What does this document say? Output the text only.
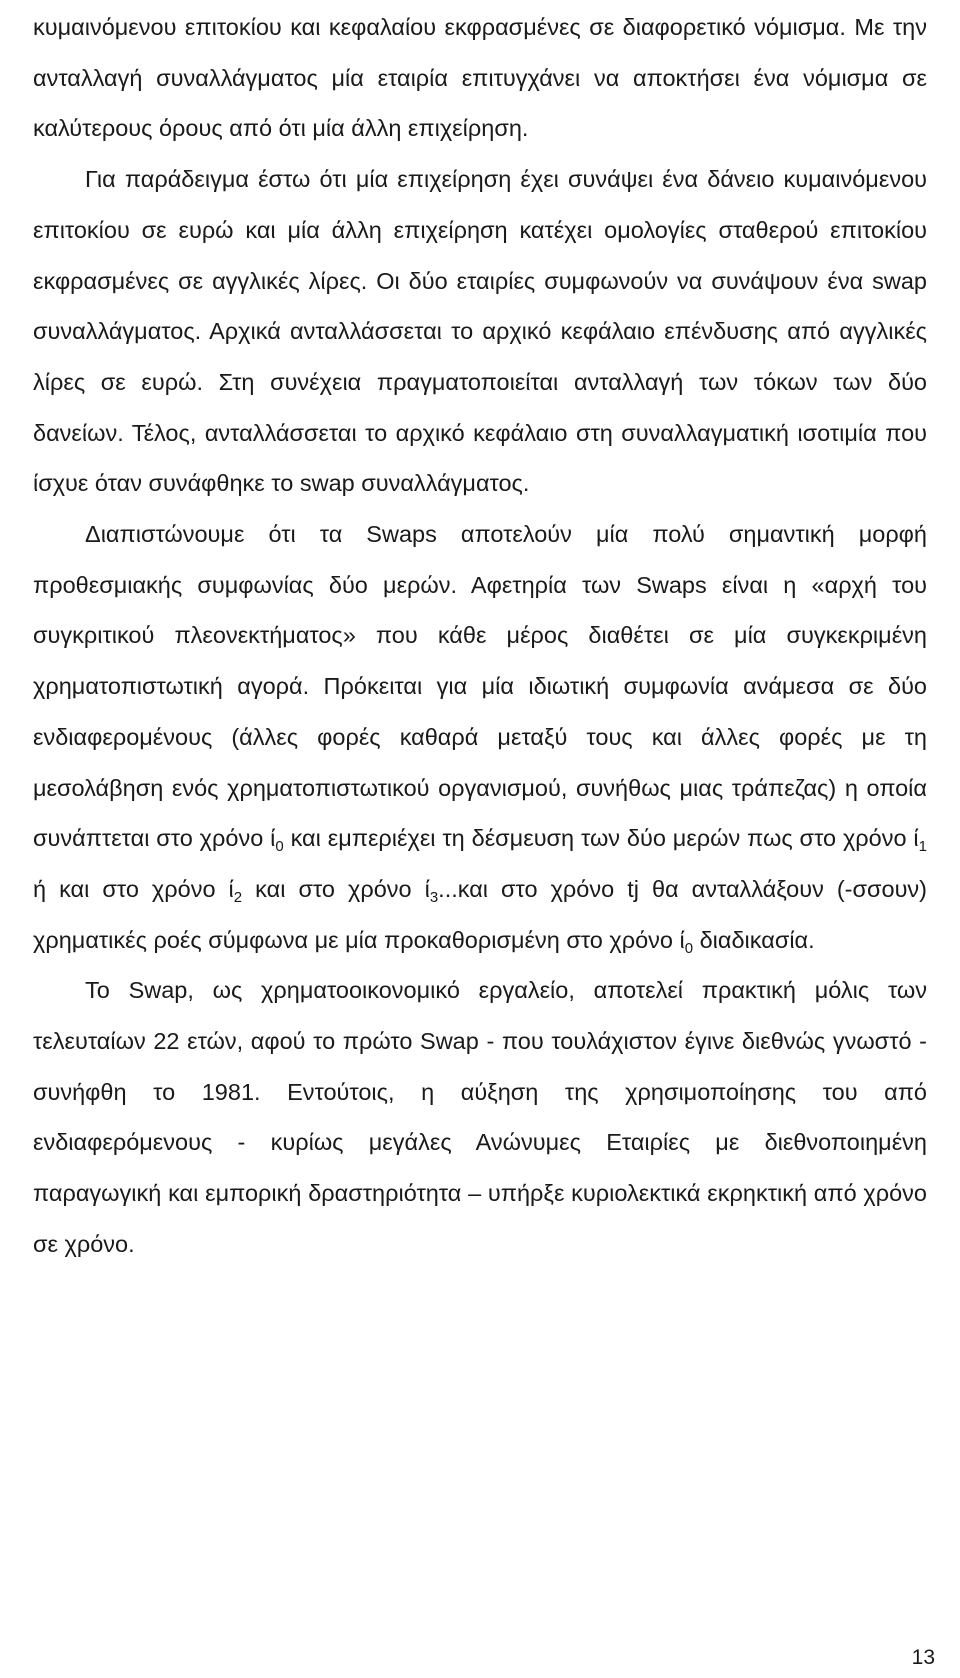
κυμαινόμενου επιτοκίου και κεφαλαίου εκφρασμένες σε διαφορετικό νόμισμα. Με την ανταλλαγή συναλλάγματος μία εταιρία επιτυγχάνει να αποκτήσει ένα νόμισμα σε καλύτερους όρους από ότι μία άλλη επιχείρηση.

Για παράδειγμα έστω ότι μία επιχείρηση έχει συνάψει ένα δάνειο κυμαινόμενου επιτοκίου σε ευρώ και μία άλλη επιχείρηση κατέχει ομολογίες σταθερού επιτοκίου εκφρασμένες σε αγγλικές λίρες. Οι δύο εταιρίες συμφωνούν να συνάψουν ένα swap συναλλάγματος. Αρχικά ανταλλάσσεται το αρχικό κεφάλαιο επένδυσης από αγγλικές λίρες σε ευρώ. Στη συνέχεια πραγματοποιείται ανταλλαγή των τόκων των δύο δανείων. Τέλος, ανταλλάσσεται το αρχικό κεφάλαιο στη συναλλαγματική ισοτιμία που ίσχυε όταν συνάφθηκε το swap συναλλάγματος.

Διαπιστώνουμε ότι τα Swaps αποτελούν μία πολύ σημαντική μορφή προθεσμιακής συμφωνίας δύο μερών. Αφετηρία των Swaps είναι η «αρχή του συγκριτικού πλεονεκτήματος» που κάθε μέρος διαθέτει σε μία συγκεκριμένη χρηματοπιστωτική αγορά. Πρόκειται για μία ιδιωτική συμφωνία ανάμεσα σε δύο ενδιαφερομένους (άλλες φορές καθαρά μεταξύ τους και άλλες φορές με τη μεσολάβηση ενός χρηματοπιστωτικού οργανισμού, συνήθως μιας τράπεζας) η οποία συνάπτεται στο χρόνο $ί_0$ και εμπεριέχει τη δέσμευση των δύο μερών πως στο χρόνο $ί_1$ ή και στο χρόνο $ί_2$ και στο χρόνο $ί_3...\kappa\alpha\iota$ στο χρόνο tj θα ανταλλάξουν (-σσουν) χρηματικές ροές σύμφωνα με μία προκαθορισμένη στο χρόνο $ί_0$ διαδικασία.

Το Swap, ως χρηματοοικονομικό εργαλείο, αποτελεί πρακτική μόλις των τελευταίων 22 ετών, αφού το πρώτο Swap - που τουλάχιστον έγινε διεθνώς γνωστό - συνήφθη το 1981. Εντούτοις, η αύξηση της χρησιμοποίησης του από ενδιαφερόμενους - κυρίως μεγάλες Ανώνυμες Εταιρίες με διεθνοποιημένη παραγωγική και εμπορική δραστηριότητα – υπήρξε κυριολεκτικά εκρηκτική από χρόνο σε χρόνο.

13
